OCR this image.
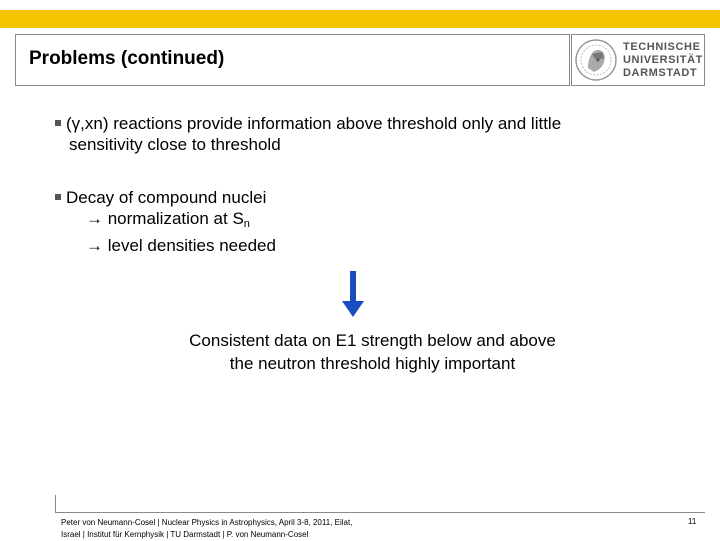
Problems (continued)
TECHNISCHE
UNIVERSITÄT
DARMSTADT
(γ,xn) reactions provide information above threshold only and little
sensitivity close to threshold
Decay of compound nuclei
→ normalization at $S_n$
→ level densities needed
Consistent data on E1 strength below and above
the neutron threshold highly important
Peter von Neumann-Cosel | Nuclear Physics in Astrophysics, April 3-8, 2011, Eilat,
Israel | Institut für Kernphysik | TU Darmstadt | P. von Neumann-Cosel
11
